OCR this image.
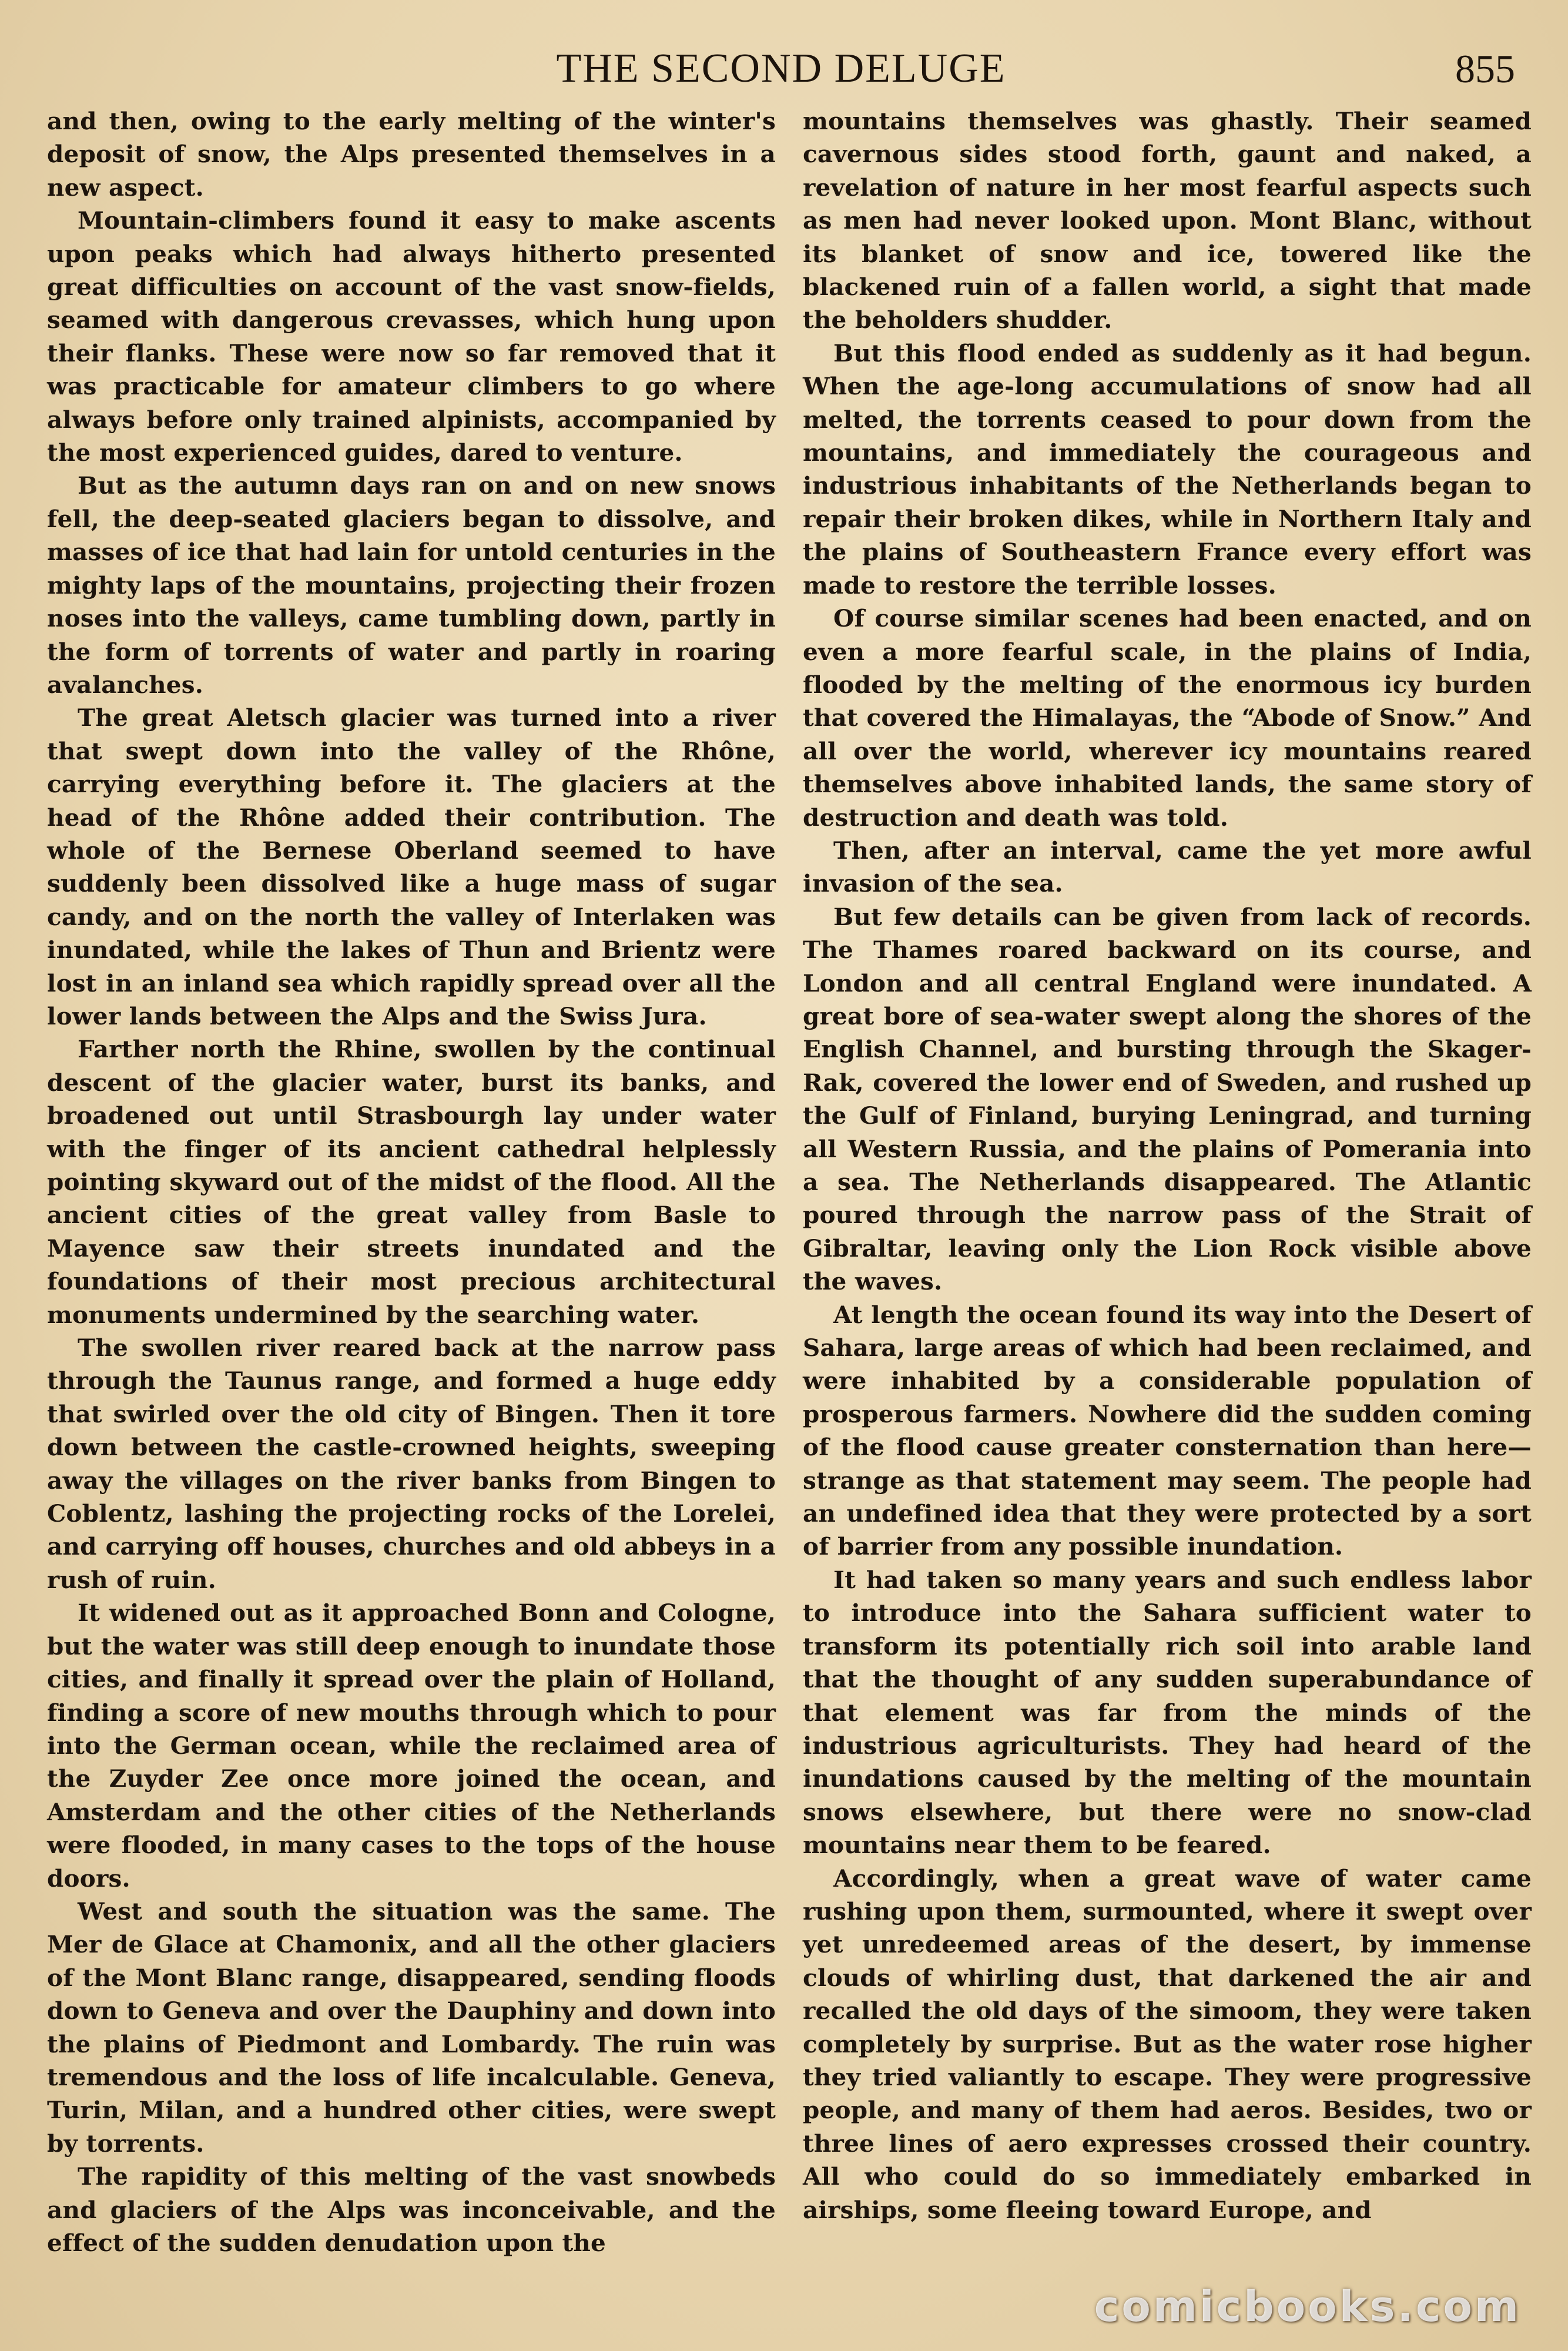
THE SECOND DELUGE	855

and then, owing to the early melting of the winter's deposit of snow, the Alps presented themselves in a new aspect.

Mountain-climbers found it easy to make ascents upon peaks which had always hitherto presented great difficulties on account of the vast snow-fields, seamed with dangerous crevasses, which hung upon their flanks. These were now so far removed that it was practicable for amateur climbers to go where always before only trained alpinists, accompanied by the most experienced guides, dared to venture.

But as the autumn days ran on and on new snows fell, the deep-seated glaciers began to dissolve, and masses of ice that had lain for untold centuries in the mighty laps of the mountains, projecting their frozen noses into the valleys, came tumbling down, partly in the form of torrents of water and partly in roaring avalanches.

The great Aletsch glacier was turned into a river that swept down into the valley of the Rhône, carrying everything before it. The glaciers at the head of the Rhône added their contribution. The whole of the Bernese Oberland seemed to have suddenly been dissolved like a huge mass of sugar candy, and on the north the valley of Interlaken was inundated, while the lakes of Thun and Brientz were lost in an inland sea which rapidly spread over all the lower lands between the Alps and the Swiss Jura.

Farther north the Rhine, swollen by the continual descent of the glacier water, burst its banks, and broadened out until Strasbourgh lay under water with the finger of its ancient cathedral helplessly pointing skyward out of the midst of the flood. All the ancient cities of the great valley from Basle to Mayence saw their streets inundated and the foundations of their most precious architectural monuments undermined by the searching water.

The swollen river reared back at the narrow pass through the Taunus range, and formed a huge eddy that swirled over the old city of Bingen. Then it tore down between the castle-crowned heights, sweeping away the villages on the river banks from Bingen to Coblentz, lashing the projecting rocks of the Lorelei, and carrying off houses, churches and old abbeys in a rush of ruin.

It widened out as it approached Bonn and Cologne, but the water was still deep enough to inundate those cities, and finally it spread over the plain of Holland, finding a score of new mouths through which to pour into the German ocean, while the reclaimed area of the Zuyder Zee once more joined the ocean, and Amsterdam and the other cities of the Netherlands were flooded, in many cases to the tops of the house doors.

West and south the situation was the same. The Mer de Glace at Chamonix, and all the other glaciers of the Mont Blanc range, disappeared, sending floods down to Geneva and over the Dauphiny and down into the plains of Piedmont and Lombardy. The ruin was tremendous and the loss of life incalculable. Geneva, Turin, Milan, and a hundred other cities, were swept by torrents.

The rapidity of this melting of the vast snowbeds and glaciers of the Alps was inconceivable, and the effect of the sudden denudation upon the

mountains themselves was ghastly. Their seamed cavernous sides stood forth, gaunt and naked, a revelation of nature in her most fearful aspects such as men had never looked upon. Mont Blanc, without its blanket of snow and ice, towered like the blackened ruin of a fallen world, a sight that made the beholders shudder.

But this flood ended as suddenly as it had begun. When the age-long accumulations of snow had all melted, the torrents ceased to pour down from the mountains, and immediately the courageous and industrious inhabitants of the Netherlands began to repair their broken dikes, while in Northern Italy and the plains of Southeastern France every effort was made to restore the terrible losses.

Of course similar scenes had been enacted, and on even a more fearful scale, in the plains of India, flooded by the melting of the enormous icy burden that covered the Himalayas, the “Abode of Snow.” And all over the world, wherever icy mountains reared themselves above inhabited lands, the same story of destruction and death was told.

Then, after an interval, came the yet more awful invasion of the sea.

But few details can be given from lack of records. The Thames roared backward on its course, and London and all central England were inundated. A great bore of sea-water swept along the shores of the English Channel, and bursting through the Skager-Rak, covered the lower end of Sweden, and rushed up the Gulf of Finland, burying Leningrad, and turning all Western Russia, and the plains of Pomerania into a sea. The Netherlands disappeared. The Atlantic poured through the narrow pass of the Strait of Gibraltar, leaving only the Lion Rock visible above the waves.

At length the ocean found its way into the Desert of Sahara, large areas of which had been reclaimed, and were inhabited by a considerable population of prosperous farmers. Nowhere did the sudden coming of the flood cause greater consternation than here—strange as that statement may seem. The people had an undefined idea that they were protected by a sort of barrier from any possible inundation.

It had taken so many years and such endless labor to introduce into the Sahara sufficient water to transform its potentially rich soil into arable land that the thought of any sudden superabundance of that element was far from the minds of the industrious agriculturists. They had heard of the inundations caused by the melting of the mountain snows elsewhere, but there were no snow-clad mountains near them to be feared.

Accordingly, when a great wave of water came rushing upon them, surmounted, where it swept over yet unredeemed areas of the desert, by immense clouds of whirling dust, that darkened the air and recalled the old days of the simoom, they were taken completely by surprise. But as the water rose higher they tried valiantly to escape. They were progressive people, and many of them had aeros. Besides, two or three lines of aero expresses crossed their country. All who could do so immediately embarked in airships, some fleeing toward Europe, and

comicbooks.com
